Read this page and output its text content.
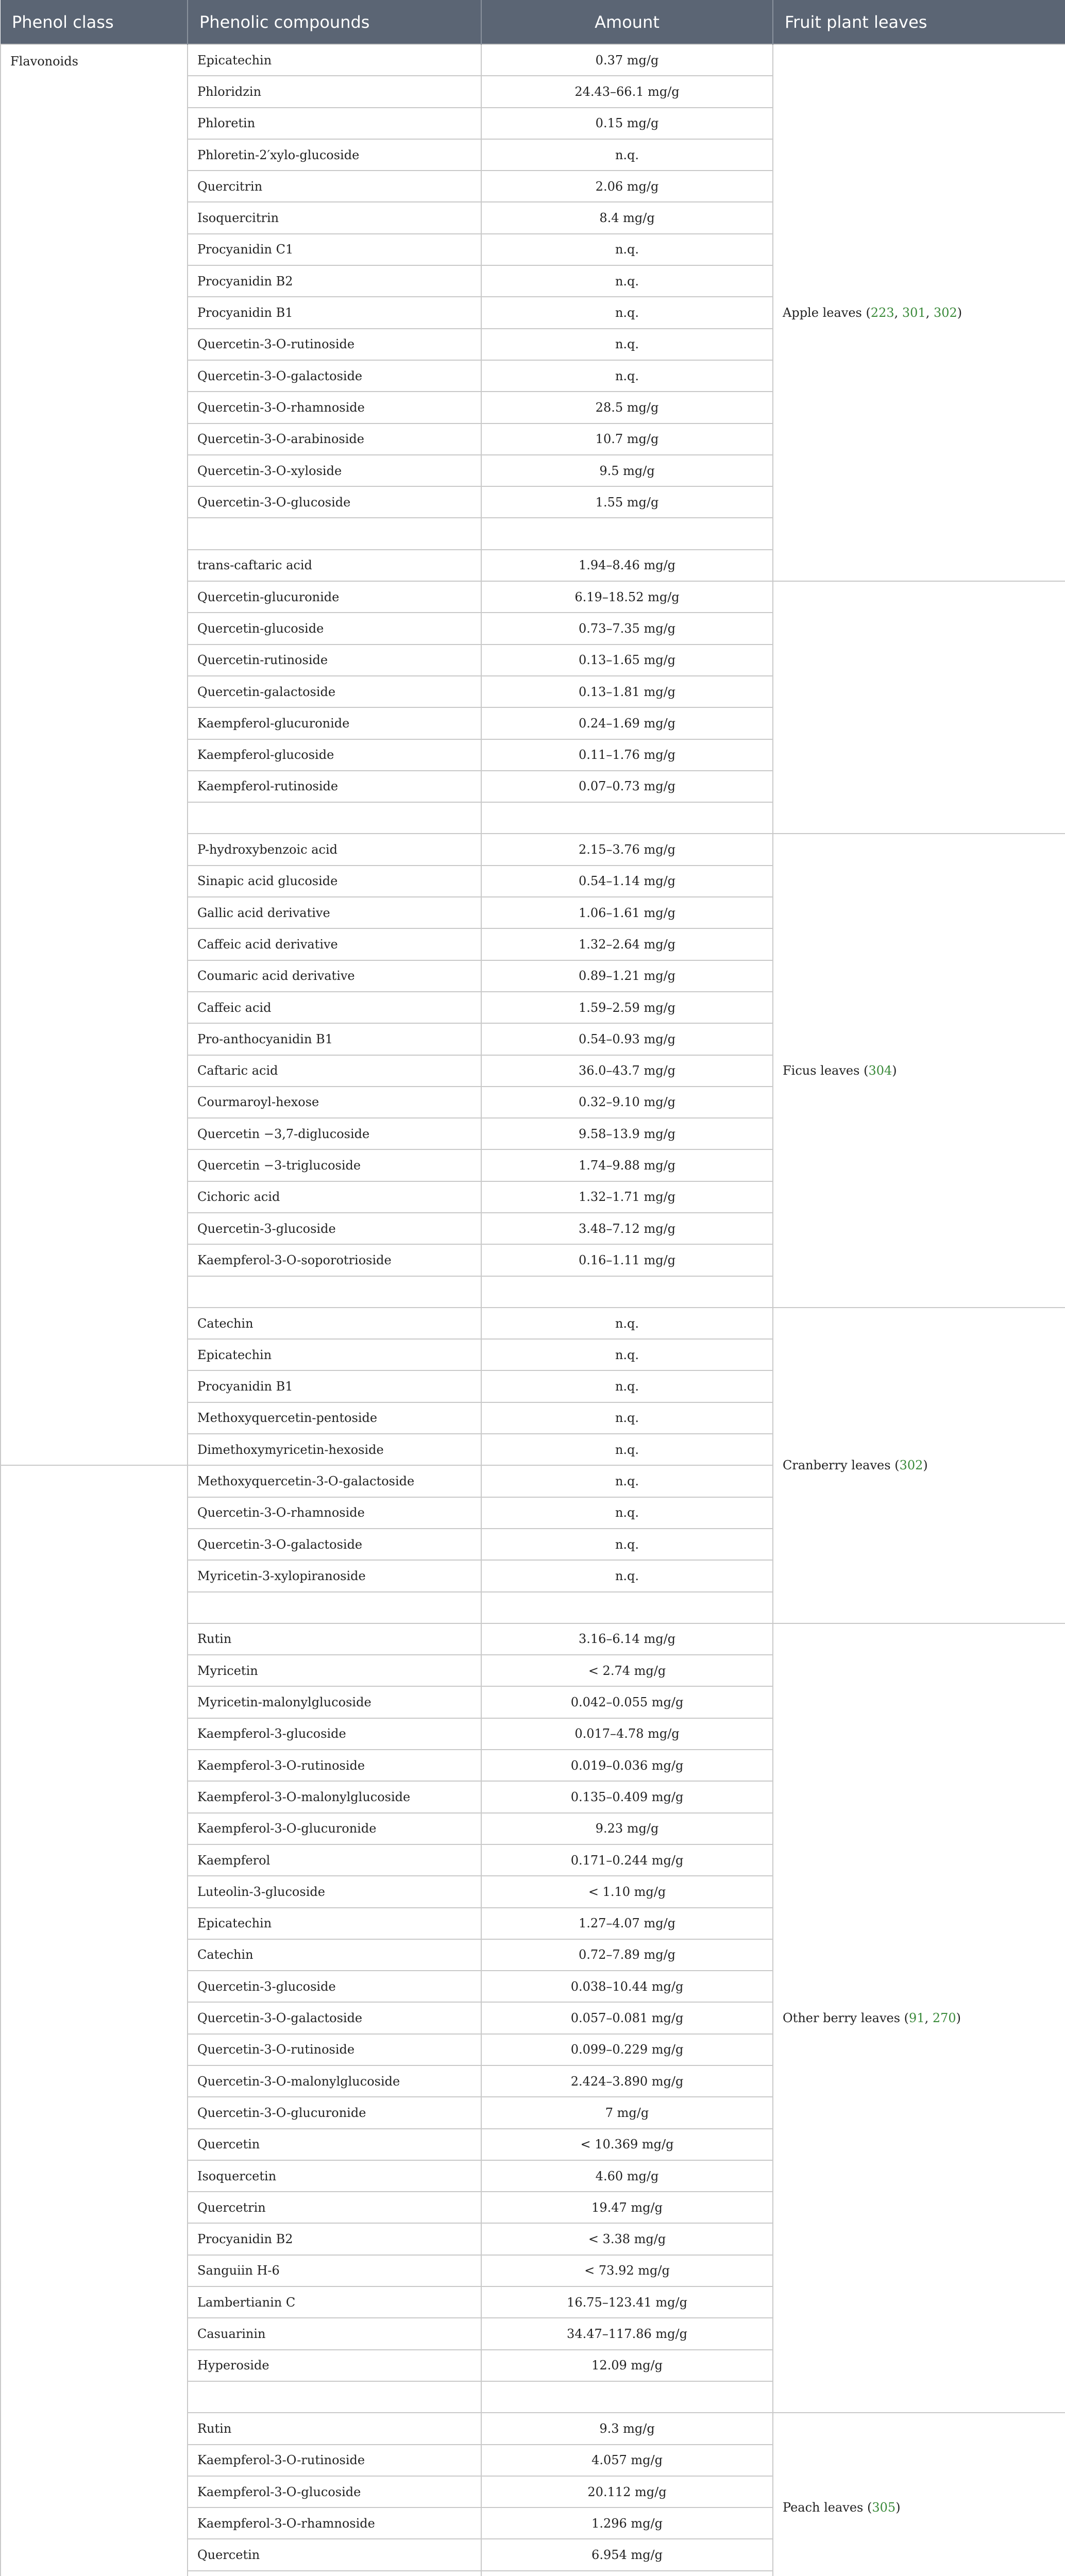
Phenol class	Phenolic compounds	Amount	Fruit plant leaves	
Flavonoids	Epicatechin	0.37 mg/g	Apple leaves (223, 301, 302)	
	Phloridzin	24.43–66.1 mg/g		
	Phloretin	0.15 mg/g		
	Phloretin-2′xylo-glucoside	n.q.		
	Quercitrin	2.06 mg/g		
	Isoquercitrin	8.4 mg/g		
	Procyanidin C1	n.q.		
	Procyanidin B2	n.q.		
	Procyanidin B1	n.q.		
	Quercetin-3-O-rutinoside	n.q.		
	Quercetin-3-O-galactoside	n.q.		
	Quercetin-3-O-rhamnoside	28.5 mg/g		
	Quercetin-3-O-arabinoside	10.7 mg/g		
	Quercetin-3-O-xyloside	9.5 mg/g		
	Quercetin-3-O-glucoside	1.55 mg/g		

	trans-caftaric acid	1.94–8.46 mg/g	
	Quercetin-glucuronide	6.19–18.52 mg/g		
	Quercetin-glucoside	0.73–7.35 mg/g		
	Quercetin-rutinoside	0.13–1.65 mg/g		
	Quercetin-galactoside	0.13–1.81 mg/g		
	Kaempferol-glucuronide	0.24–1.69 mg/g		
	Kaempferol-glucoside	0.11–1.76 mg/g		
	Kaempferol-rutinoside	0.07–0.73 mg/g		

	P-hydroxybenzoic acid	2.15–3.76 mg/g	Ficus leaves (304)	
	Sinapic acid glucoside	0.54–1.14 mg/g		
	Gallic acid derivative	1.06–1.61 mg/g		
	Caffeic acid derivative	1.32–2.64 mg/g		
	Coumaric acid derivative	0.89–1.21 mg/g		
	Caffeic acid	1.59–2.59 mg/g		
	Pro-anthocyanidin B1	0.54–0.93 mg/g		
	Caftaric acid	36.0–43.7 mg/g		
	Courmaroyl-hexose	0.32–9.10 mg/g		
	Quercetin −3,7-diglucoside	9.58–13.9 mg/g		
	Quercetin −3-triglucoside	1.74–9.88 mg/g		
	Cichoric acid	1.32–1.71 mg/g		
	Quercetin-3-glucoside	3.48–7.12 mg/g		
	Kaempferol-3-O-soporotrioside	0.16–1.11 mg/g		

	Catechin	n.q.	Cranberry leaves (302)	
	Epicatechin	n.q.		
	Procyanidin B1	n.q.		
	Methoxyquercetin-pentoside	n.q.		
	Dimethoxymyricetin-hexoside	n.q.		
	Methoxyquercetin-3-O-galactoside	n.q.		
	Quercetin-3-O-rhamnoside	n.q.		
	Quercetin-3-O-galactoside	n.q.		
	Myricetin-3-xylopiranoside	n.q.		

	Rutin	3.16–6.14 mg/g	Other berry leaves (91, 270)	
	Myricetin	< 2.74 mg/g		
	Myricetin-malonylglucoside	0.042–0.055 mg/g		
	Kaempferol-3-glucoside	0.017–4.78 mg/g		
	Kaempferol-3-O-rutinoside	0.019–0.036 mg/g		
	Kaempferol-3-O-malonylglucoside	0.135–0.409 mg/g		
	Kaempferol-3-O-glucuronide	9.23 mg/g		
	Kaempferol	0.171–0.244 mg/g		
	Luteolin-3-glucoside	< 1.10 mg/g		
	Epicatechin	1.27–4.07 mg/g		
	Catechin	0.72–7.89 mg/g		
	Quercetin-3-glucoside	0.038–10.44 mg/g		
	Quercetin-3-O-galactoside	0.057–0.081 mg/g		
	Quercetin-3-O-rutinoside	0.099–0.229 mg/g		
	Quercetin-3-O-malonylglucoside	2.424–3.890 mg/g		
	Quercetin-3-O-glucuronide	7 mg/g		
	Quercetin	< 10.369 mg/g		
	Isoquercetin	4.60 mg/g		
	Quercetrin	19.47 mg/g		
	Procyanidin B2	< 3.38 mg/g		
	Sanguiin H-6	< 73.92 mg/g		
	Lambertianin C	16.75–123.41 mg/g		
	Casuarinin	34.47–117.86 mg/g		
	Hyperoside	12.09 mg/g		

	Rutin	9.3 mg/g	Peach leaves (305)	
	Kaempferol-3-O-rutinoside	4.057 mg/g		
	Kaempferol-3-O-glucoside	20.112 mg/g		
	Kaempferol-3-O-rhamnoside	1.296 mg/g		
	Quercetin	6.954 mg/g		
